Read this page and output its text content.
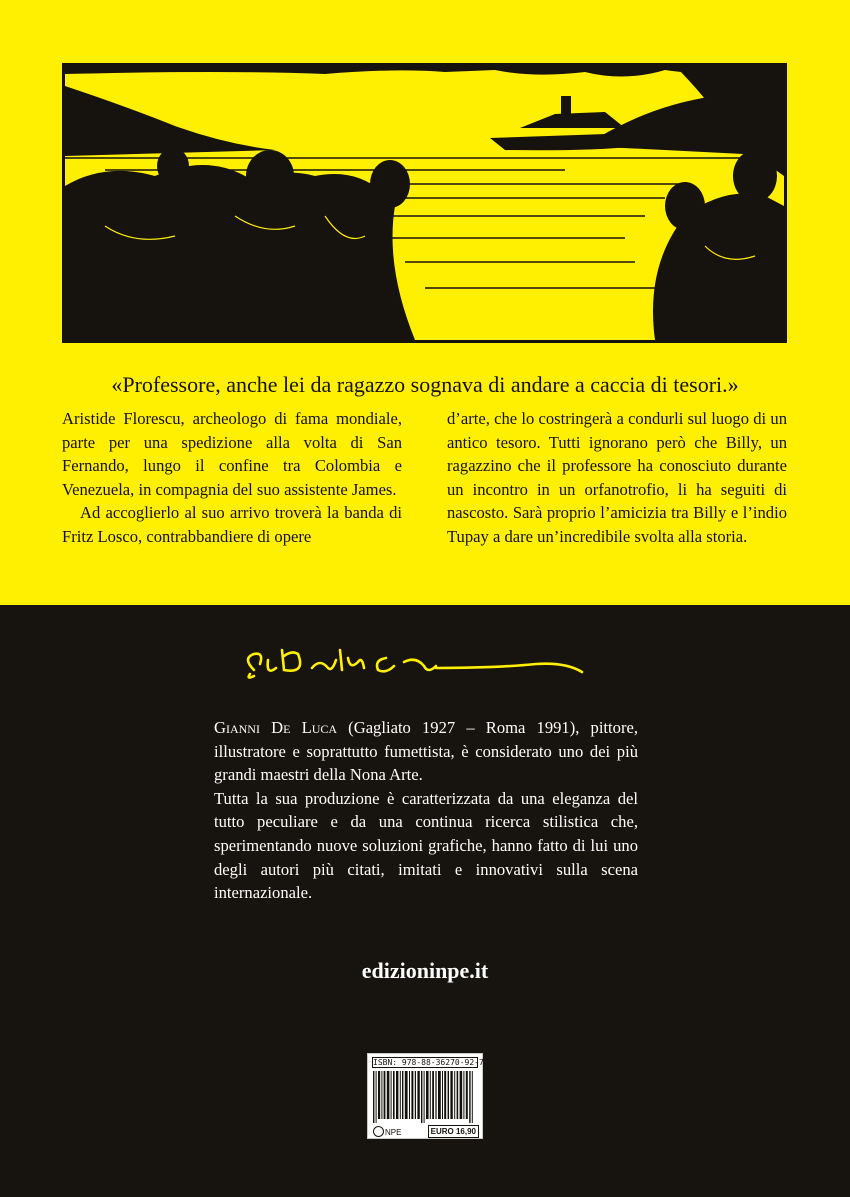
«Professore, anche lei da ragazzo sognava di andare a caccia di tesori.»

Aristide Florescu, archeologo di fama mondiale, parte per una spedizione alla volta di San Fernando, lungo il confine tra Colombia e Venezuela, in compagnia del suo assistente James.

Ad accoglierlo al suo arrivo troverà la banda di Fritz Losco, contrabbandiere di opere

d’arte, che lo costringerà a condurli sul luogo di un antico tesoro. Tutti ignorano però che Billy, un ragazzino che il professore ha conosciuto durante un incontro in un orfanotrofio, li ha seguiti di nascosto. Sarà proprio l’amicizia tra Billy e l’indio Tupay a dare un’incredibile svolta alla storia.

Gianni De Luca (Gagliato 1927 – Roma 1991), pittore, illustratore e soprattutto fumettista, è considerato uno dei più grandi maestri della Nona Arte.

Tutta la sua produzione è caratterizzata da una eleganza del tutto peculiare e da una continua ricerca stilistica che, sperimentando nuove soluzioni grafiche, hanno fatto di lui uno degli autori più citati, imitati e innovativi sulla scena internazionale.

edizioninpe.it
ISBN: 978-88-36270-92-7
NPE	EURO 16,90
